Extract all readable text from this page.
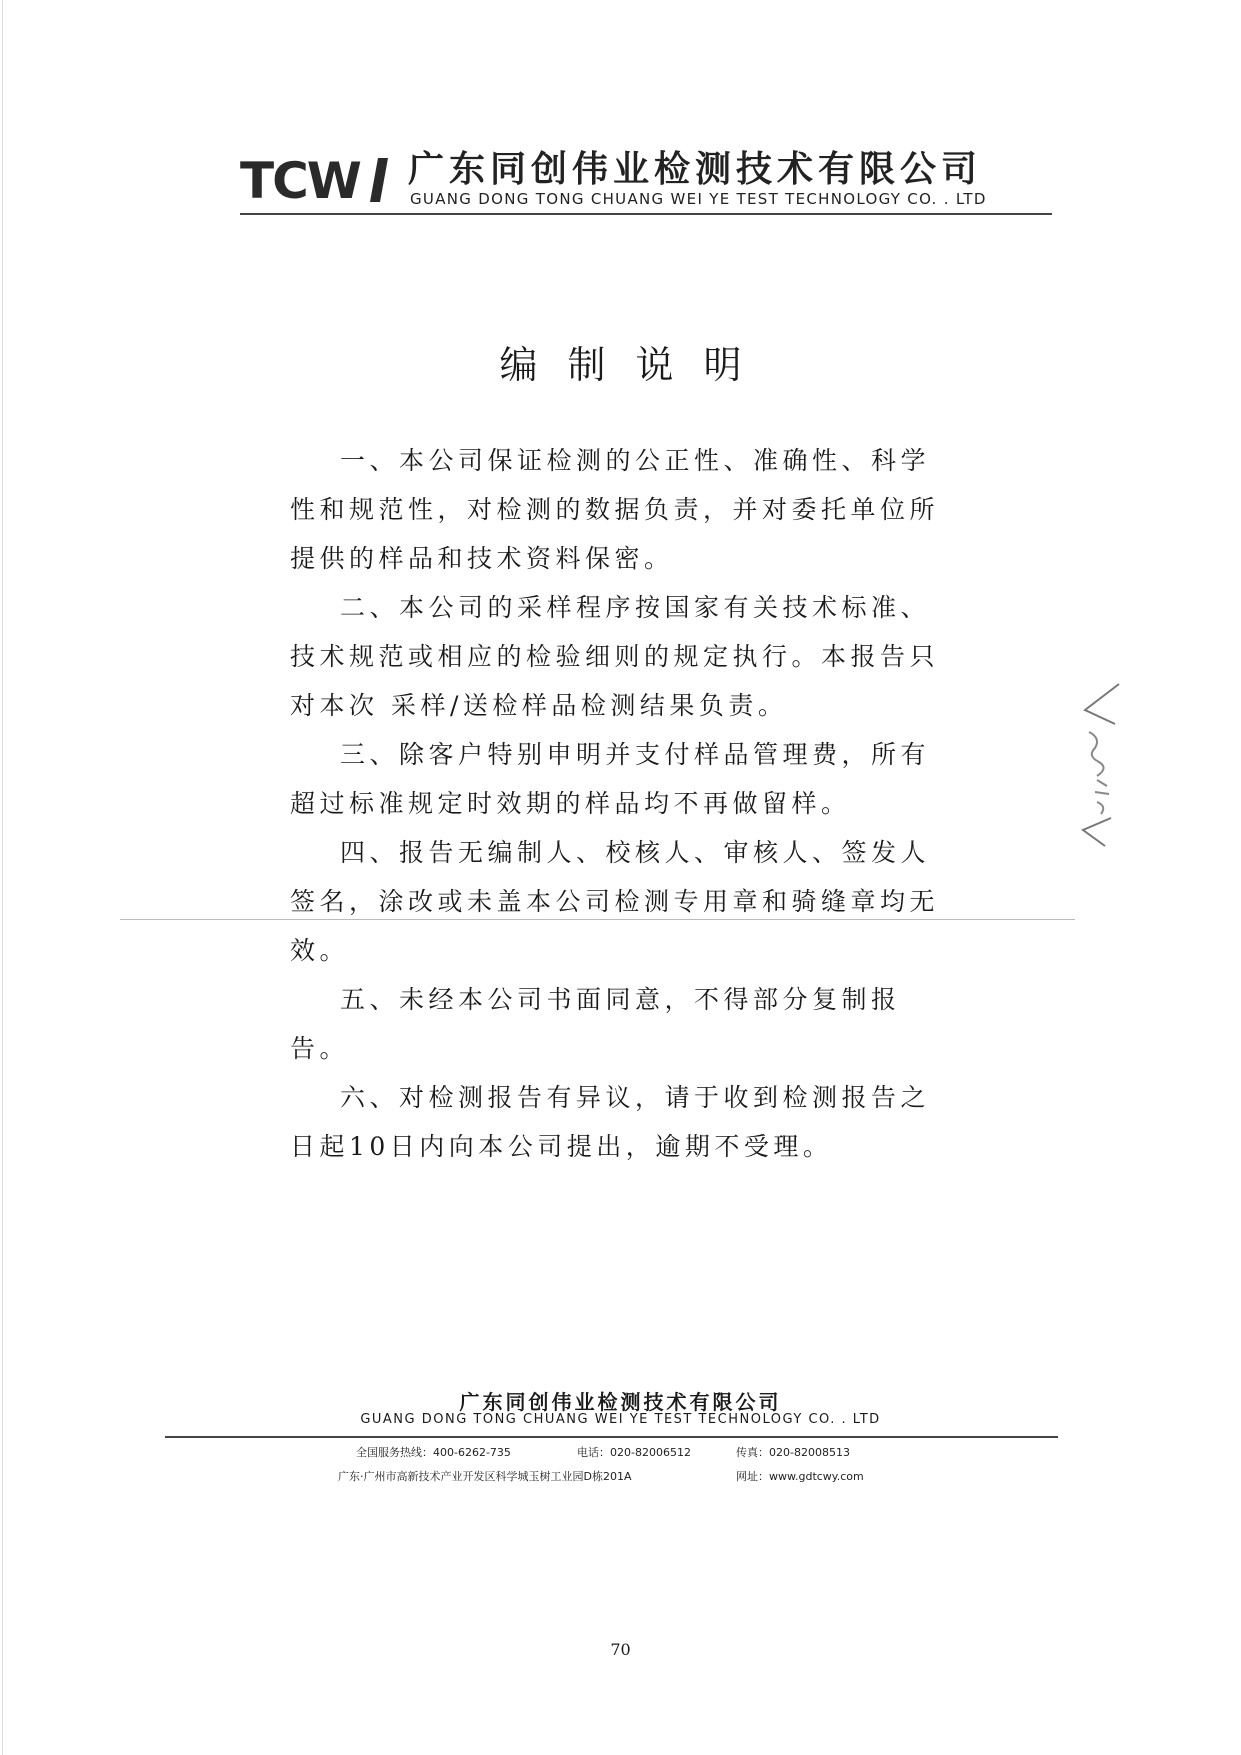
TCW 广东同创伟业检测技术有限公司
GUANG DONG TONG CHUANG WEI YE TEST TECHNOLOGY CO. . LTD
编制说明

一、本公司保证检测的公正性、准确性、科学性和规范性，对检测的数据负责，并对委托单位所提供的样品和技术资料保密。

二、本公司的采样程序按国家有关技术标准、技术规范或相应的检验细则的规定执行。本报告只对本次 采样/送检样品检测结果负责。

三、除客户特别申明并支付样品管理费，所有超过标准规定时效期的样品均不再做留样。

四、报告无编制人、校核人、审核人、签发人签名，涂改或未盖本公司检测专用章和骑缝章均无效。

五、未经本公司书面同意，不得部分复制报告。

六、对检测报告有异议，请于收到检测报告之日起10日内向本公司提出，逾期不受理。

广东同创伟业检测技术有限公司
GUANG DONG TONG CHUANG WEI YE TEST TECHNOLOGY CO. . LTD
全国服务热线：400-6262-735	电话：020-82006512	传真：020-82008513
广东·广州市高新技术产业开发区科学城玉树工业园D栋201A	网址：www.gdtcwy.com
70
